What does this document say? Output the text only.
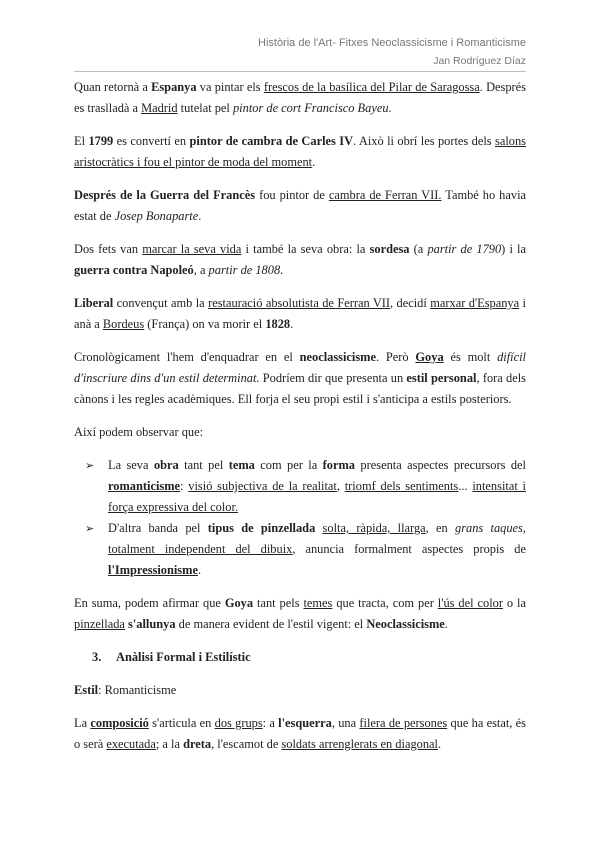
Història de l'Art- Fitxes Neoclassicisme i Romanticisme
Jan Rodríguez Díaz

Quan retornà a Espanya va pintar els frescos de la basílica del Pilar de Saragossa. Després es traslladà a Madrid tutelat pel pintor de cort Francisco Bayeu.

El 1799 es convertí en pintor de cambra de Carles IV. Això li obrí les portes dels salons aristocràtics i fou el pintor de moda del moment.

Després de la Guerra del Francès fou pintor de cambra de Ferran VII. També ho havia estat de Josep Bonaparte.

Dos fets van marcar la seva vida i també la seva obra: la sordesa (a partir de 1790) i la guerra contra Napoleó, a partir de 1808.

Liberal convençut amb la restauració absolutista de Ferran VII, decidí marxar d'Espanya i anà a Bordeus (França) on va morir el 1828.

Cronològicament l'hem d'enquadrar en el neoclassicisme. Però Goya és molt difícil d'inscriure dins d'un estil determinat. Podríem dir que presenta un estil personal, fora dels cànons i les regles acadèmiques. Ell forja el seu propi estil i s'anticipa a estils posteriors.

Així podem observar que:

➢ La seva obra tant pel tema com per la forma presenta aspectes precursors del romanticisme: visió subjectiva de la realitat, triomf dels sentiments... intensitat i força expressiva del color.
➢ D'altra banda pel tipus de pinzellada solta, ràpida, llarga, en grans taques, totalment independent del dibuix, anuncia formalment aspectes propis de l'Impressionisme.

En suma, podem afirmar que Goya tant pels temes que tracta, com per l'ús del color o la pinzellada s'allunya de manera evident de l'estil vigent: el Neoclassicisme.

3. Anàlisi Formal i Estilístic

Estil: Romanticisme

La composició s'articula en dos grups: a l'esquerra, una filera de persones que ha estat, és o serà executada; a la dreta, l'escamot de soldats arrenglerats en diagonal.
